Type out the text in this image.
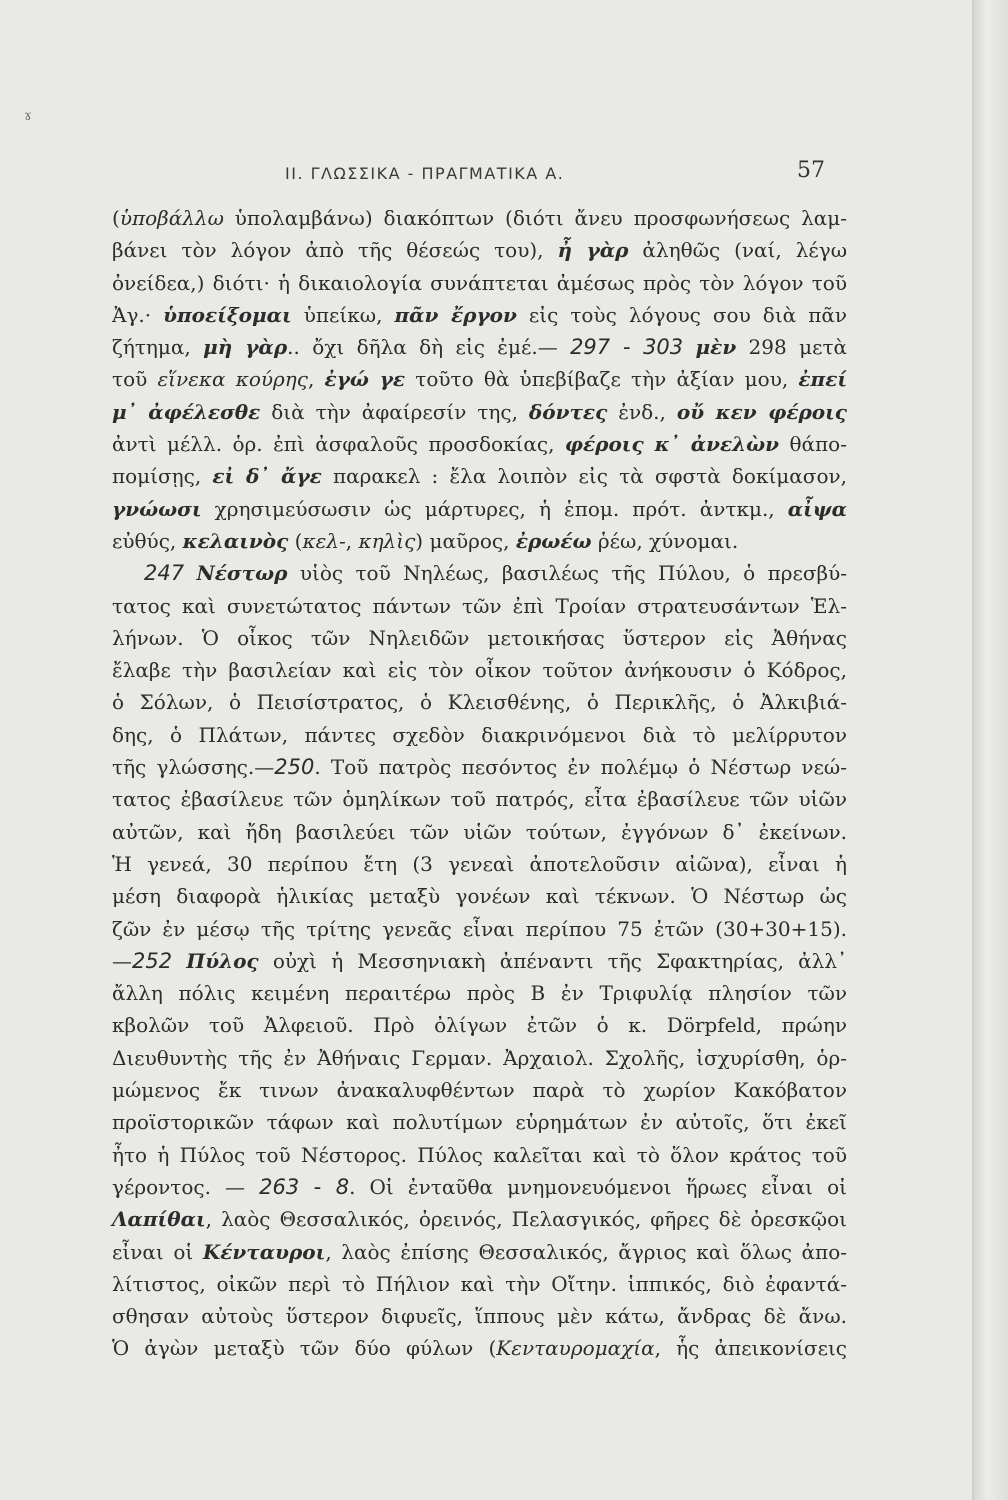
ɤ
II. ΓΛΩΣΣΙΚΑ - ΠΡΑΓΜΑΤΙΚΑ Α.	57
(ὑποβάλλω ὑπολαμβάνω) διακόπτων (διότι ἄνευ προσφωνήσεως λαμ-
βάνει τὸν λόγον ἀπὸ τῆς θέσεώς του), ἦ γὰρ ἀληθῶς (ναί, λέγω
ὀνείδεα,) διότι· ἡ δικαιολογία συνάπτεται ἀμέσως πρὸς τὸν λόγον τοῦ
Ἀγ.· ὑποείξομαι ὑπείκω, πᾶν ἔργον εἰς τοὺς λόγους σου διὰ πᾶν
ζήτημα, μὴ γὰρ.. ὄχι δῆλα δὴ εἰς ἐμέ.— 297 - 303 μὲν 298 μετὰ
τοῦ εἵνεκα κούρης, ἐγώ γε τοῦτο θὰ ὑπεβίβαζε τὴν ἀξίαν μου, ἐπεί
μ᾽ ἀφέλεσθε διὰ τὴν ἀφαίρεσίν της, δόντες ἐνδ., οὔ κεν φέροις
ἀντὶ μέλλ. ὁρ. ἐπὶ ἀσφαλοῦς προσδοκίας, φέροις κ᾽ ἀνελὼν θάπο-
πομίσῃς, εἰ δ᾽ ἄγε παρακελ : ἔλα λοιπὸν εἰς τὰ σφστὰ δοκίμασον,
γνώωσι χρησιμεύσωσιν ὡς μάρτυρες, ἡ ἑπομ. πρότ. ἀντκμ., αἶψα
εὐθύς, κελαινὸς (κελ-, κηλὶς) μαῦρος, ἐρωέω ῥέω, χύνομαι.
247 Νέστωρ υἱὸς τοῦ Νηλέως, βασιλέως τῆς Πύλου, ὁ πρεσβύ-
τατος καὶ συνετώτατος πάντων τῶν ἐπὶ Τροίαν στρατευσάντων Ἑλ-
λήνων. Ὁ οἶκος τῶν Νηλειδῶν μετοικήσας ὕστερον εἰς Ἀθήνας
ἔλαβε τὴν βασιλείαν καὶ εἰς τὸν οἶκον τοῦτον ἀνήκουσιν ὁ Κόδρος,
ὁ Σόλων, ὁ Πεισίστρατος, ὁ Κλεισθένης, ὁ Περικλῆς, ὁ Ἀλκιβιά-
δης, ὁ Πλάτων, πάντες σχεδὸν διακρινόμενοι διὰ τὸ μελίρρυτον
τῆς γλώσσης.—250. Τοῦ πατρὸς πεσόντος ἐν πολέμῳ ὁ Νέστωρ νεώ-
τατος ἐβασίλευε τῶν ὁμηλίκων τοῦ πατρός, εἶτα ἐβασίλευε τῶν υἱῶν
αὐτῶν, καὶ ἤδη βασιλεύει τῶν υἱῶν τούτων, ἐγγόνων δ᾽ ἐκείνων.
Ἡ γενεά, 30 περίπου ἔτη (3 γενεαὶ ἀποτελοῦσιν αἰῶνα), εἶναι ἡ
μέση διαφορὰ ἡλικίας μεταξὺ γονέων καὶ τέκνων. Ὁ Νέστωρ ὡς
ζῶν ἐν μέσῳ τῆς τρίτης γενεᾶς εἶναι περίπου 75 ἐτῶν (30+30+15).
—252 Πύλος οὐχὶ ἡ Μεσσηνιακὴ ἀπέναντι τῆς Σφακτηρίας, ἀλλ᾽
ἄλλη πόλις κειμένη περαιτέρω πρὸς Β ἐν Τριφυλίᾳ πλησίον τῶν
κβολῶν τοῦ Ἀλφειοῦ. Πρὸ ὀλίγων ἐτῶν ὁ κ. Dörpfeld, πρώην
Διευθυντὴς τῆς ἐν Ἀθήναις Γερμαν. Ἀρχαιολ. Σχολῆς, ἰσχυρίσθη, ὁρ-
μώμενος ἔκ τινων ἀνακαλυφθέντων παρὰ τὸ χωρίον Κακόβατον
προϊστορικῶν τάφων καὶ πολυτίμων εὑρημάτων ἐν αὐτοῖς, ὅτι ἐκεῖ
ἦτο ἡ Πύλος τοῦ Νέστορος. Πύλος καλεῖται καὶ τὸ ὅλον κράτος τοῦ
γέροντος. — 263 - 8. Οἱ ἐνταῦθα μνημονευόμενοι ἥρωες εἶναι οἱ
Λαπίθαι, λαὸς Θεσσαλικός, ὀρεινός, Πελασγικός, φῆρες δὲ ὀρεσκῷοι
εἶναι οἱ Κένταυροι, λαὸς ἐπίσης Θεσσαλικός, ἄγριος καὶ ὅλως ἀπο-
λίτιστος, οἰκῶν περὶ τὸ Πήλιον καὶ τὴν Οἴτην. ἱππικός, διὸ ἐφαντά-
σθησαν αὐτοὺς ὕστερον διφυεῖς, ἵππους μὲν κάτω, ἄνδρας δὲ ἄνω.
Ὁ ἀγὼν μεταξὺ τῶν δύο φύλων (Κενταυρομαχία, ἧς ἀπεικονίσεις
